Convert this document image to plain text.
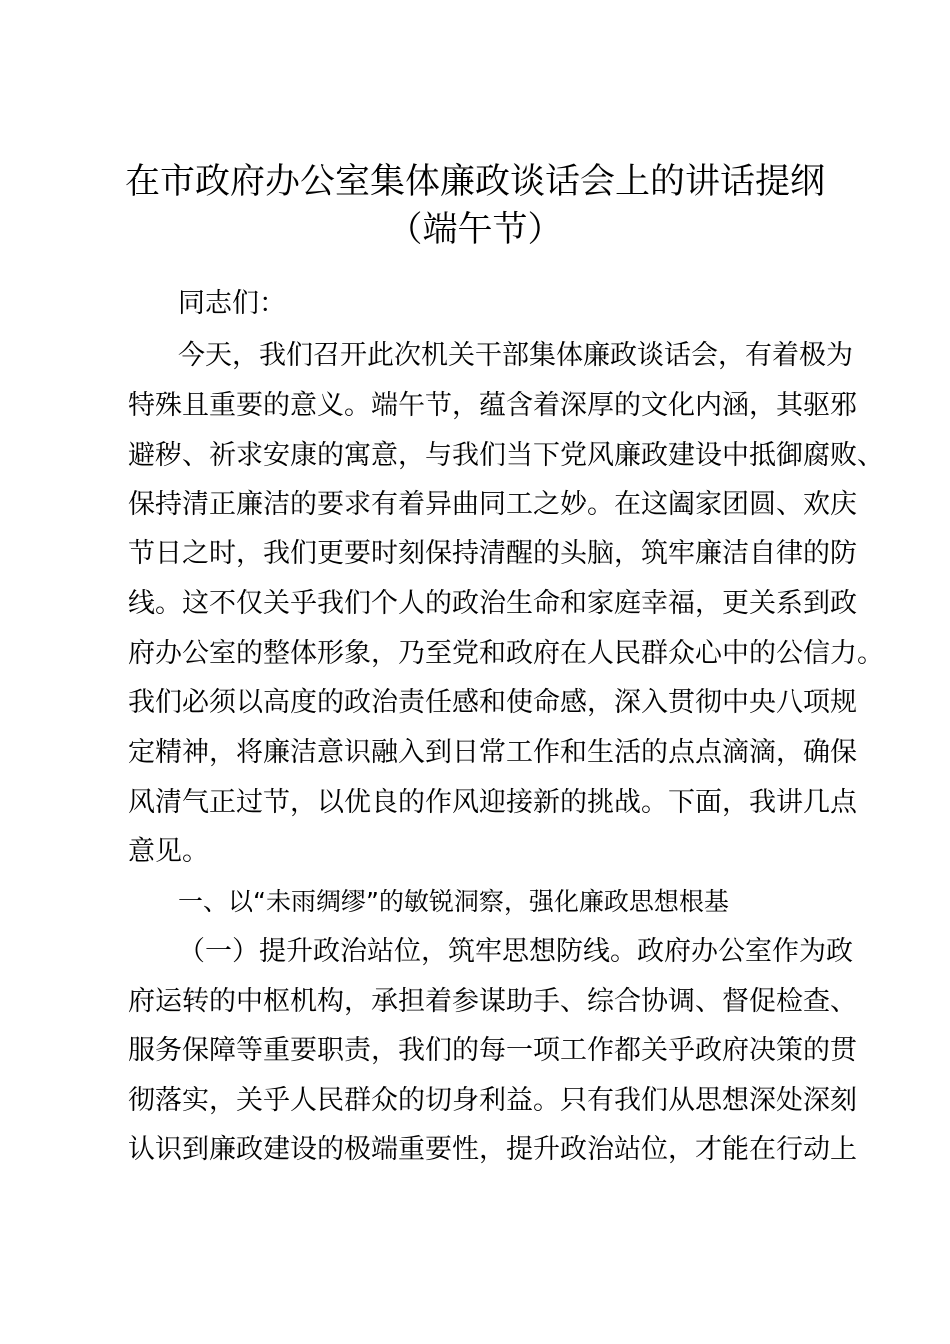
在市政府办公室集体廉政谈话会上的讲话提纲
（端午节）
同志们：
今天，我们召开此次机关干部集体廉政谈话会，有着极为
特殊且重要的意义。端午节，蕴含着深厚的文化内涵，其驱邪
避秽、祈求安康的寓意，与我们当下党风廉政建设中抵御腐败、
保持清正廉洁的要求有着异曲同工之妙。在这阖家团圆、欢庆
节日之时，我们更要时刻保持清醒的头脑，筑牢廉洁自律的防
线。这不仅关乎我们个人的政治生命和家庭幸福，更关系到政
府办公室的整体形象，乃至党和政府在人民群众心中的公信力。
我们必须以高度的政治责任感和使命感，深入贯彻中央八项规
定精神，将廉洁意识融入到日常工作和生活的点点滴滴，确保
风清气正过节，以优良的作风迎接新的挑战。下面，我讲几点
意见。
一、以“未雨绸缪”的敏锐洞察，强化廉政思想根基
（一）提升政治站位，筑牢思想防线。政府办公室作为政
府运转的中枢机构，承担着参谋助手、综合协调、督促检查、
服务保障等重要职责，我们的每一项工作都关乎政府决策的贯
彻落实，关乎人民群众的切身利益。只有我们从思想深处深刻
认识到廉政建设的极端重要性，提升政治站位，才能在行动上
